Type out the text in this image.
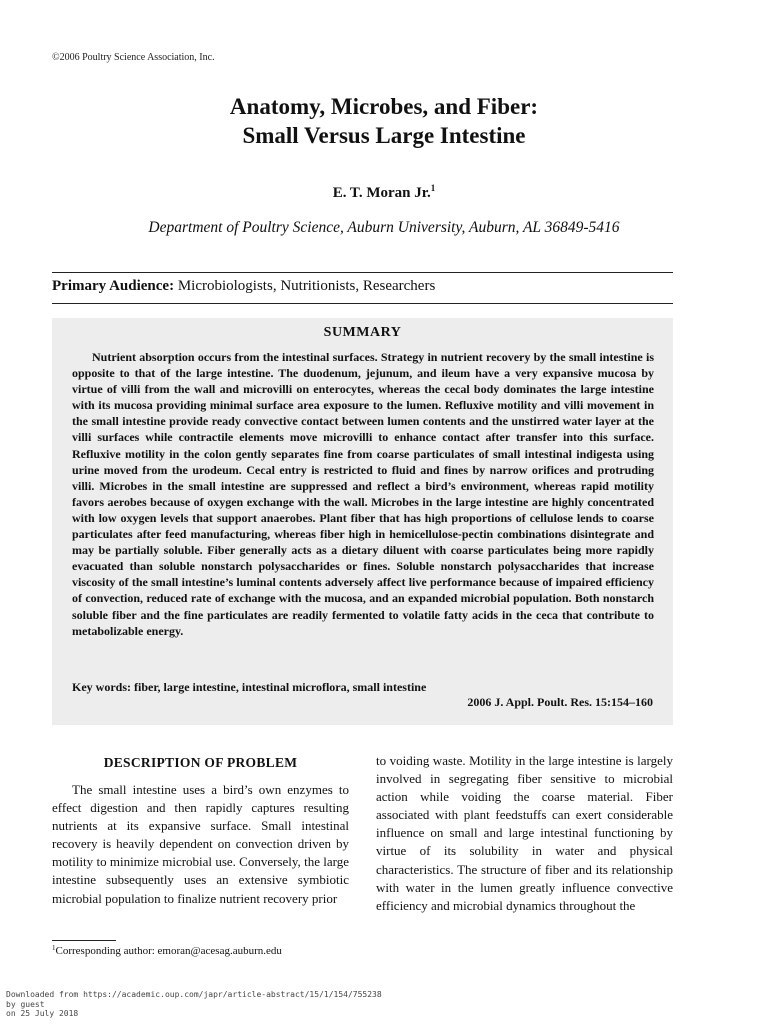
©2006 Poultry Science Association, Inc.
Anatomy, Microbes, and Fiber:
Small Versus Large Intestine
E. T. Moran Jr.$^1$
Department of Poultry Science, Auburn University, Auburn, AL 36849-5416
Primary Audience: Microbiologists, Nutritionists, Researchers
SUMMARY
Nutrient absorption occurs from the intestinal surfaces. Strategy in nutrient recovery by the small intestine is opposite to that of the large intestine. The duodenum, jejunum, and ileum have a very expansive mucosa by virtue of villi from the wall and microvilli on enterocytes, whereas the cecal body dominates the large intestine with its mucosa providing minimal surface area exposure to the lumen. Refluxive motility and villi movement in the small intestine provide ready convective contact between lumen contents and the unstirred water layer at the villi surfaces while contractile elements move microvilli to enhance contact after transfer into this surface. Refluxive motility in the colon gently separates fine from coarse particulates of small intestinal indigesta using urine moved from the urodeum. Cecal entry is restricted to fluid and fines by narrow orifices and protruding villi. Microbes in the small intestine are suppressed and reflect a bird’s environment, whereas rapid motility favors aerobes because of oxygen exchange with the wall. Microbes in the large intestine are highly concentrated with low oxygen levels that support anaerobes. Plant fiber that has high proportions of cellulose lends to coarse particulates after feed manufacturing, whereas fiber high in hemicellulose-pectin combinations disintegrate and may be partially soluble. Fiber generally acts as a dietary diluent with coarse particulates being more rapidly evacuated than soluble nonstarch polysaccharides or fines. Soluble nonstarch polysaccharides that increase viscosity of the small intestine’s luminal contents adversely affect live performance because of impaired efficiency of convection, reduced rate of exchange with the mucosa, and an expanded microbial population. Both nonstarch soluble fiber and the fine particulates are readily fermented to volatile fatty acids in the ceca that contribute to metabolizable energy.
Key words: fiber, large intestine, intestinal microflora, small intestine
2006 J. Appl. Poult. Res. 15:154–160
DESCRIPTION OF PROBLEM

The small intestine uses a bird’s own enzymes to effect digestion and then rapidly captures resulting nutrients at its expansive surface. Small intestinal recovery is heavily dependent on convection driven by motility to minimize microbial use. Conversely, the large intestine subsequently uses an extensive symbiotic microbial population to finalize nutrient recovery prior

to voiding waste. Motility in the large intestine is largely involved in segregating fiber sensitive to microbial action while voiding the coarse material. Fiber associated with plant feedstuffs can exert considerable influence on small and large intestinal functioning by virtue of its solubility in water and physical characteristics. The structure of fiber and its relationship with water in the lumen greatly influence convective efficiency and microbial dynamics throughout the

$^1$Corresponding author: emoran@acesag.auburn.edu
Downloaded from https://academic.oup.com/japr/article-abstract/15/1/154/755238
by guest
on 25 July 2018
